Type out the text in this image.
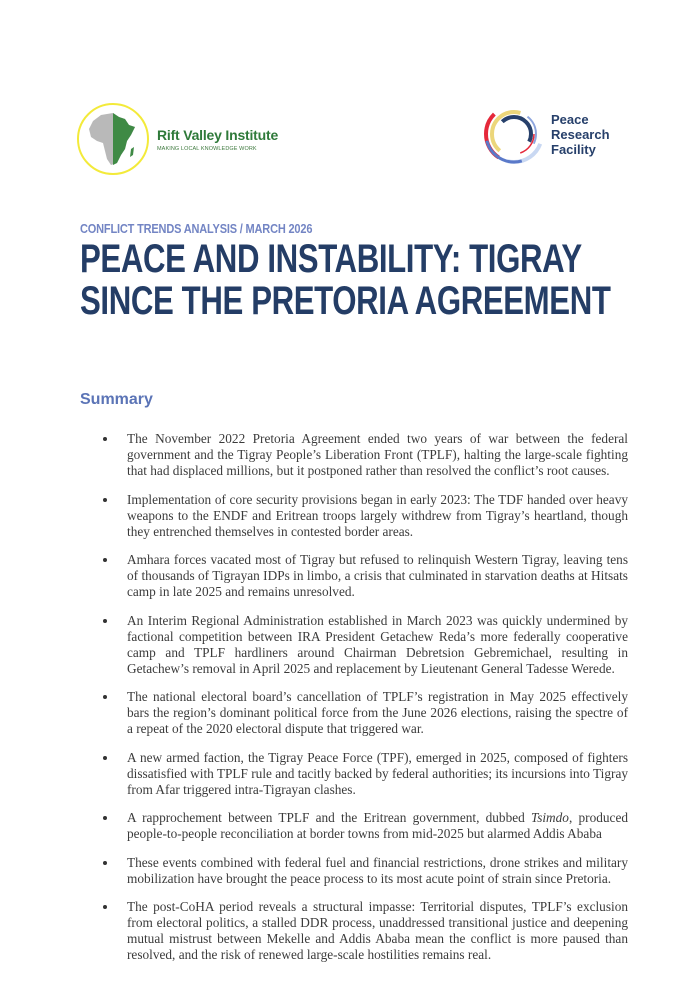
Rift Valley Institute
MAKING LOCAL KNOWLEDGE WORK
Peace
Research
Facility
CONFLICT TRENDS ANALYSIS / MARCH 2026
PEACE AND INSTABILITY: TIGRAY
SINCE THE PRETORIA AGREEMENT
Summary
The November 2022 Pretoria Agreement ended two years of war between the federal government and the Tigray People’s Liberation Front (TPLF), halting the large-scale fighting that had displaced millions, but it postponed rather than resolved the conflict’s root causes.
Implementation of core security provisions began in early 2023: The TDF handed over heavy weapons to the ENDF and Eritrean troops largely withdrew from Tigray’s heartland, though they entrenched themselves in contested border areas.
Amhara forces vacated most of Tigray but refused to relinquish Western Tigray, leaving tens of thousands of Tigrayan IDPs in limbo, a crisis that culminated in starvation deaths at Hitsats camp in late 2025 and remains unresolved.
An Interim Regional Administration established in March 2023 was quickly undermined by factional competition between IRA President Getachew Reda’s more federally cooperative camp and TPLF hardliners around Chairman Debretsion Gebremichael, resulting in Getachew’s removal in April 2025 and replacement by Lieutenant General Tadesse Werede.
The national electoral board’s cancellation of TPLF’s registration in May 2025 effectively bars the region’s dominant political force from the June 2026 elections, raising the spectre of a repeat of the 2020 electoral dispute that triggered war.
A new armed faction, the Tigray Peace Force (TPF), emerged in 2025, composed of fighters dissatisfied with TPLF rule and tacitly backed by federal authorities; its incursions into Tigray from Afar triggered intra-Tigrayan clashes.
A rapprochement between TPLF and the Eritrean government, dubbed Tsimdo, produced people-to-people reconciliation at border towns from mid-2025 but alarmed Addis Ababa
These events combined with federal fuel and financial restrictions, drone strikes and military mobilization have brought the peace process to its most acute point of strain since Pretoria.
The post-CoHA period reveals a structural impasse: Territorial disputes, TPLF’s exclusion from electoral politics, a stalled DDR process, unaddressed transitional justice and deepening mutual mistrust between Mekelle and Addis Ababa mean the conflict is more paused than resolved, and the risk of renewed large-scale hostilities remains real.
